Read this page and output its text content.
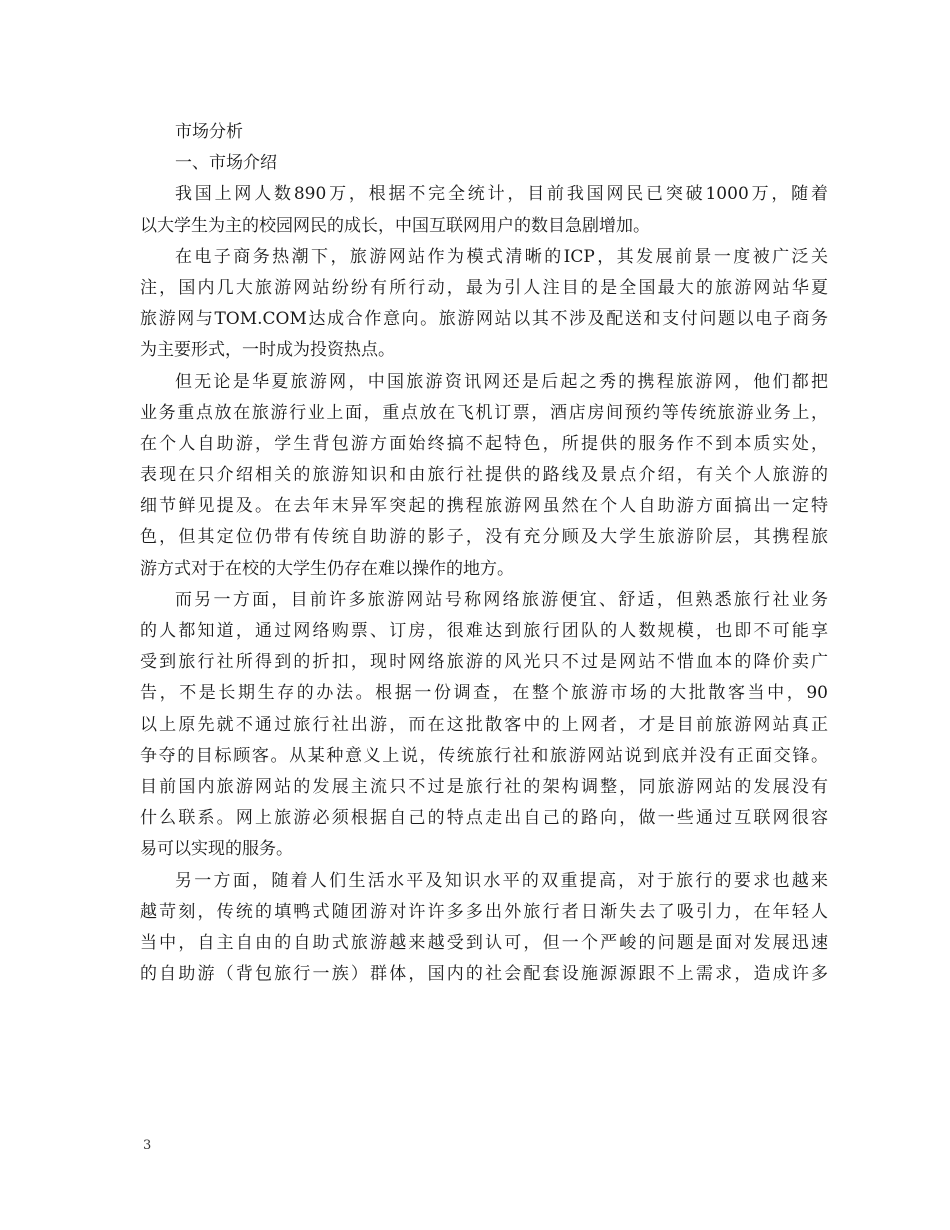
市场分析
一、市场介绍
我国上网人数890万，根据不完全统计，目前我国网民已突破1000万，随着
以大学生为主的校园网民的成长，中国互联网用户的数目急剧增加。
在电子商务热潮下，旅游网站作为模式清晰的ICP，其发展前景一度被广泛关
注，国内几大旅游网站纷纷有所行动，最为引人注目的是全国最大的旅游网站华夏
旅游网与TOM.COM达成合作意向。旅游网站以其不涉及配送和支付问题以电子商务
为主要形式，一时成为投资热点。
但无论是华夏旅游网，中国旅游资讯网还是后起之秀的携程旅游网，他们都把
业务重点放在旅游行业上面，重点放在飞机订票，酒店房间预约等传统旅游业务上，
在个人自助游，学生背包游方面始终搞不起特色，所提供的服务作不到本质实处，
表现在只介绍相关的旅游知识和由旅行社提供的路线及景点介绍，有关个人旅游的
细节鲜见提及。在去年末异军突起的携程旅游网虽然在个人自助游方面搞出一定特
色，但其定位仍带有传统自助游的影子，没有充分顾及大学生旅游阶层，其携程旅
游方式对于在校的大学生仍存在难以操作的地方。
而另一方面，目前许多旅游网站号称网络旅游便宜、舒适，但熟悉旅行社业务
的人都知道，通过网络购票、订房，很难达到旅行团队的人数规模，也即不可能享
受到旅行社所得到的折扣，现时网络旅游的风光只不过是网站不惜血本的降价卖广
告，不是长期生存的办法。根据一份调查，在整个旅游市场的大批散客当中，90
以上原先就不通过旅行社出游，而在这批散客中的上网者，才是目前旅游网站真正
争夺的目标顾客。从某种意义上说，传统旅行社和旅游网站说到底并没有正面交锋。
目前国内旅游网站的发展主流只不过是旅行社的架构调整，同旅游网站的发展没有
什么联系。网上旅游必须根据自己的特点走出自己的路向，做一些通过互联网很容
易可以实现的服务。
另一方面，随着人们生活水平及知识水平的双重提高，对于旅行的要求也越来
越苛刻，传统的填鸭式随团游对许许多多出外旅行者日渐失去了吸引力，在年轻人
当中，自主自由的自助式旅游越来越受到认可，但一个严峻的问题是面对发展迅速
的自助游（背包旅行一族）群体，国内的社会配套设施源源跟不上需求，造成许多
3
